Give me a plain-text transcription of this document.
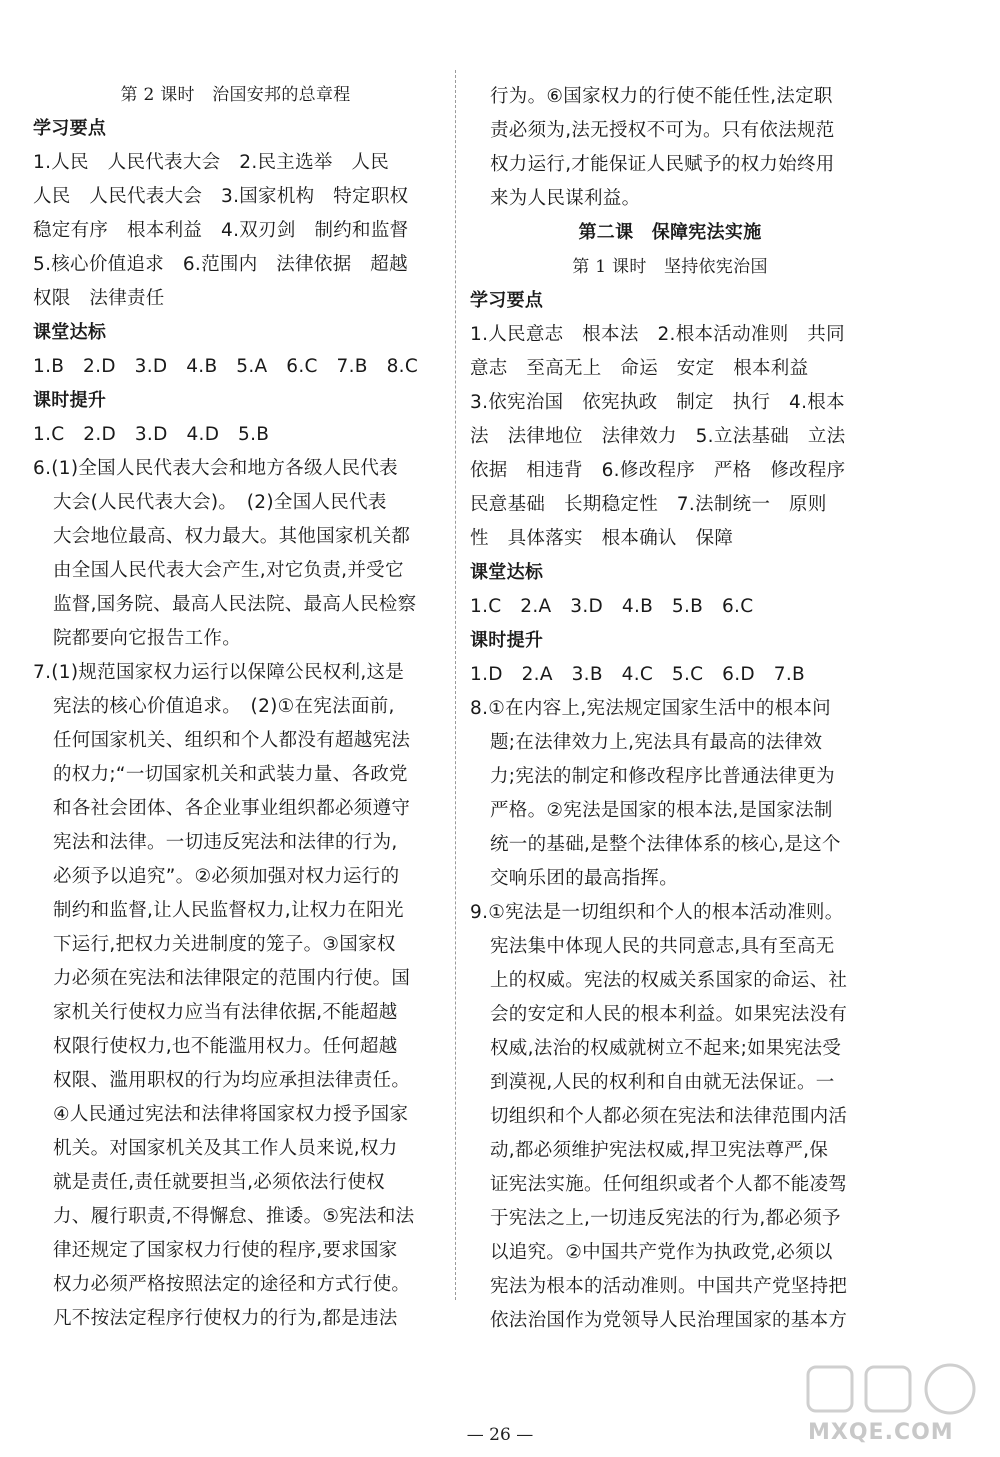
第 2 课时　治国安邦的总章程
学习要点
1.人民　人民代表大会　2.民主选举　人民
人民　人民代表大会　3.国家机构　特定职权
稳定有序　根本利益　4.双刃剑　制约和监督
5.核心价值追求　6.范围内　法律依据　超越
权限　法律责任
课堂达标
1.B　2.D　3.D　4.B　5.A　6.C　7.B　8.C
课时提升
1.C　2.D　3.D　4.D　5.B
6.(1)全国人民代表大会和地方各级人民代表
大会(人民代表大会)。　(2)全国人民代表
大会地位最高、权力最大。其他国家机关都
由全国人民代表大会产生,对它负责,并受它
监督,国务院、最高人民法院、最高人民检察
院都要向它报告工作。
7.(1)规范国家权力运行以保障公民权利,这是
宪法的核心价值追求。　(2)①在宪法面前,
任何国家机关、组织和个人都没有超越宪法
的权力;“一切国家机关和武装力量、各政党
和各社会团体、各企业事业组织都必须遵守
宪法和法律。一切违反宪法和法律的行为,
必须予以追究”。②必须加强对权力运行的
制约和监督,让人民监督权力,让权力在阳光
下运行,把权力关进制度的笼子。③国家权
力必须在宪法和法律限定的范围内行使。国
家机关行使权力应当有法律依据,不能超越
权限行使权力,也不能滥用权力。任何超越
权限、滥用职权的行为均应承担法律责任。
④人民通过宪法和法律将国家权力授予国家
机关。对国家机关及其工作人员来说,权力
就是责任,责任就要担当,必须依法行使权
力、履行职责,不得懈怠、推诿。⑤宪法和法
律还规定了国家权力行使的程序,要求国家
权力必须严格按照法定的途径和方式行使。
凡不按法定程序行使权力的行为,都是违法
行为。⑥国家权力的行使不能任性,法定职
责必须为,法无授权不可为。只有依法规范
权力运行,才能保证人民赋予的权力始终用
来为人民谋利益。
第二课　保障宪法实施
第 1 课时　坚持依宪治国
学习要点
1.人民意志　根本法　2.根本活动准则　共同
意志　至高无上　命运　安定　根本利益
3.依宪治国　依宪执政　制定　执行　4.根本
法　法律地位　法律效力　5.立法基础　立法
依据　相违背　6.修改程序　严格　修改程序
民意基础　长期稳定性　7.法制统一　原则
性　具体落实　根本确认　保障
课堂达标
1.C　2.A　3.D　4.B　5.B　6.C
课时提升
1.D　2.A　3.B　4.C　5.C　6.D　7.B
8.①在内容上,宪法规定国家生活中的根本问
题;在法律效力上,宪法具有最高的法律效
力;宪法的制定和修改程序比普通法律更为
严格。②宪法是国家的根本法,是国家法制
统一的基础,是整个法律体系的核心,是这个
交响乐团的最高指挥。
9.①宪法是一切组织和个人的根本活动准则。
宪法集中体现人民的共同意志,具有至高无
上的权威。宪法的权威关系国家的命运、社
会的安定和人民的根本利益。如果宪法没有
权威,法治的权威就树立不起来;如果宪法受
到漠视,人民的权利和自由就无法保证。一
切组织和个人都必须在宪法和法律范围内活
动,都必须维护宪法权威,捍卫宪法尊严,保
证宪法实施。任何组织或者个人都不能凌驾
于宪法之上,一切违反宪法的行为,都必须予
以追究。②中国共产党作为执政党,必须以
宪法为根本的活动准则。中国共产党坚持把
依法治国作为党领导人民治理国家的基本方
— 26 —	MXQE.COM
